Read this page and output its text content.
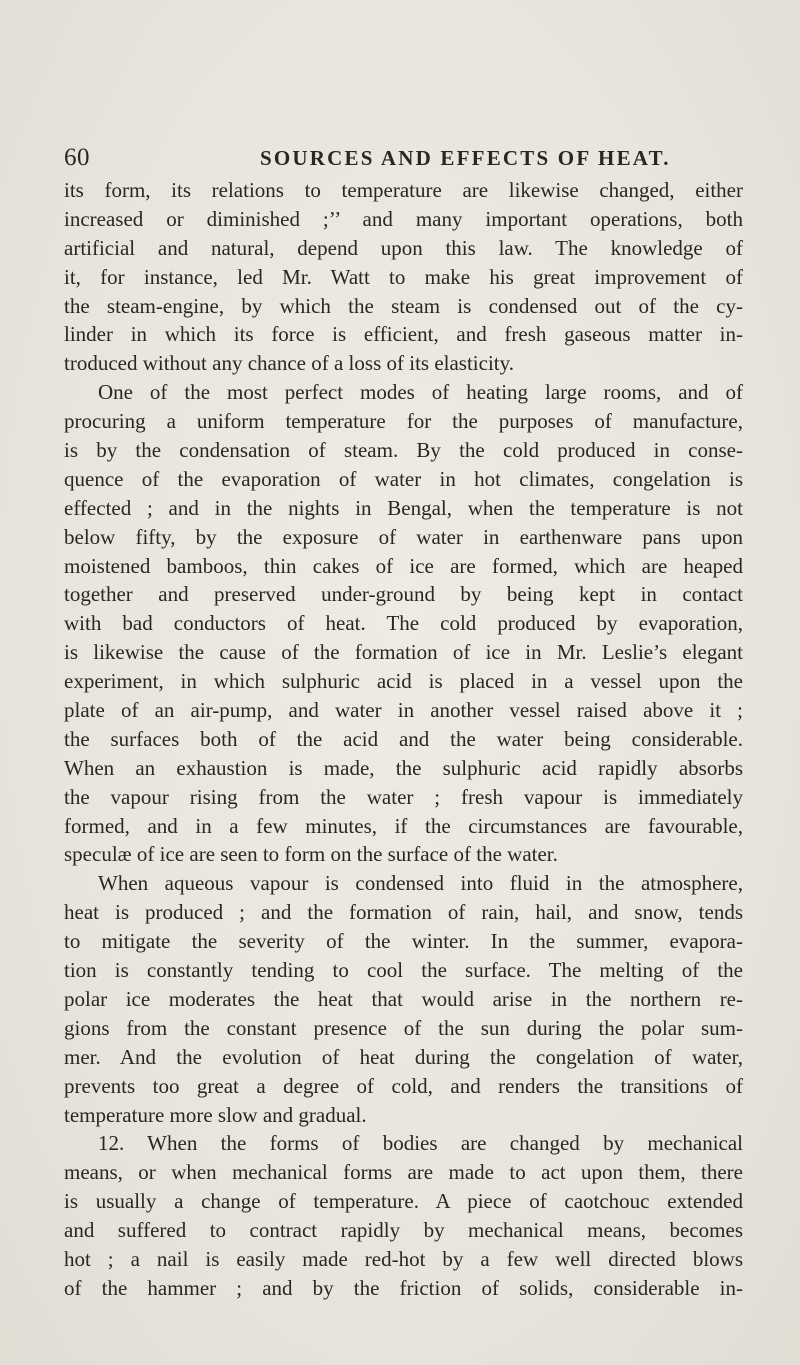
60	SOURCES AND EFFECTS OF HEAT.
its form, its relations to temperature are likewise changed, either
increased or diminished ;’’ and many important operations, both
artificial and natural, depend upon this law. The knowledge of
it, for instance, led Mr. Watt to make his great improvement of
the steam-engine, by which the steam is condensed out of the cy-
linder in which its force is efficient, and fresh gaseous matter in-
troduced without any chance of a loss of its elasticity.
One of the most perfect modes of heating large rooms, and of
procuring a uniform temperature for the purposes of manufacture,
is by the condensation of steam. By the cold produced in conse-
quence of the evaporation of water in hot climates, congelation is
effected ; and in the nights in Bengal, when the temperature is not
below fifty, by the exposure of water in earthenware pans upon
moistened bamboos, thin cakes of ice are formed, which are heaped
together and preserved under-ground by being kept in contact
with bad conductors of heat. The cold produced by evaporation,
is likewise the cause of the formation of ice in Mr. Leslie’s elegant
experiment, in which sulphuric acid is placed in a vessel upon the
plate of an air-pump, and water in another vessel raised above it ;
the surfaces both of the acid and the water being considerable.
When an exhaustion is made, the sulphuric acid rapidly absorbs
the vapour rising from the water ; fresh vapour is immediately
formed, and in a few minutes, if the circumstances are favourable,
speculæ of ice are seen to form on the surface of the water.
When aqueous vapour is condensed into fluid in the atmosphere,
heat is produced ; and the formation of rain, hail, and snow, tends
to mitigate the severity of the winter. In the summer, evapora-
tion is constantly tending to cool the surface. The melting of the
polar ice moderates the heat that would arise in the northern re-
gions from the constant presence of the sun during the polar sum-
mer. And the evolution of heat during the congelation of water,
prevents too great a degree of cold, and renders the transitions of
temperature more slow and gradual.
12. When the forms of bodies are changed by mechanical
means, or when mechanical forms are made to act upon them, there
is usually a change of temperature. A piece of caotchouc extended
and suffered to contract rapidly by mechanical means, becomes
hot ; a nail is easily made red-hot by a few well directed blows
of the hammer ; and by the friction of solids, considerable in-
